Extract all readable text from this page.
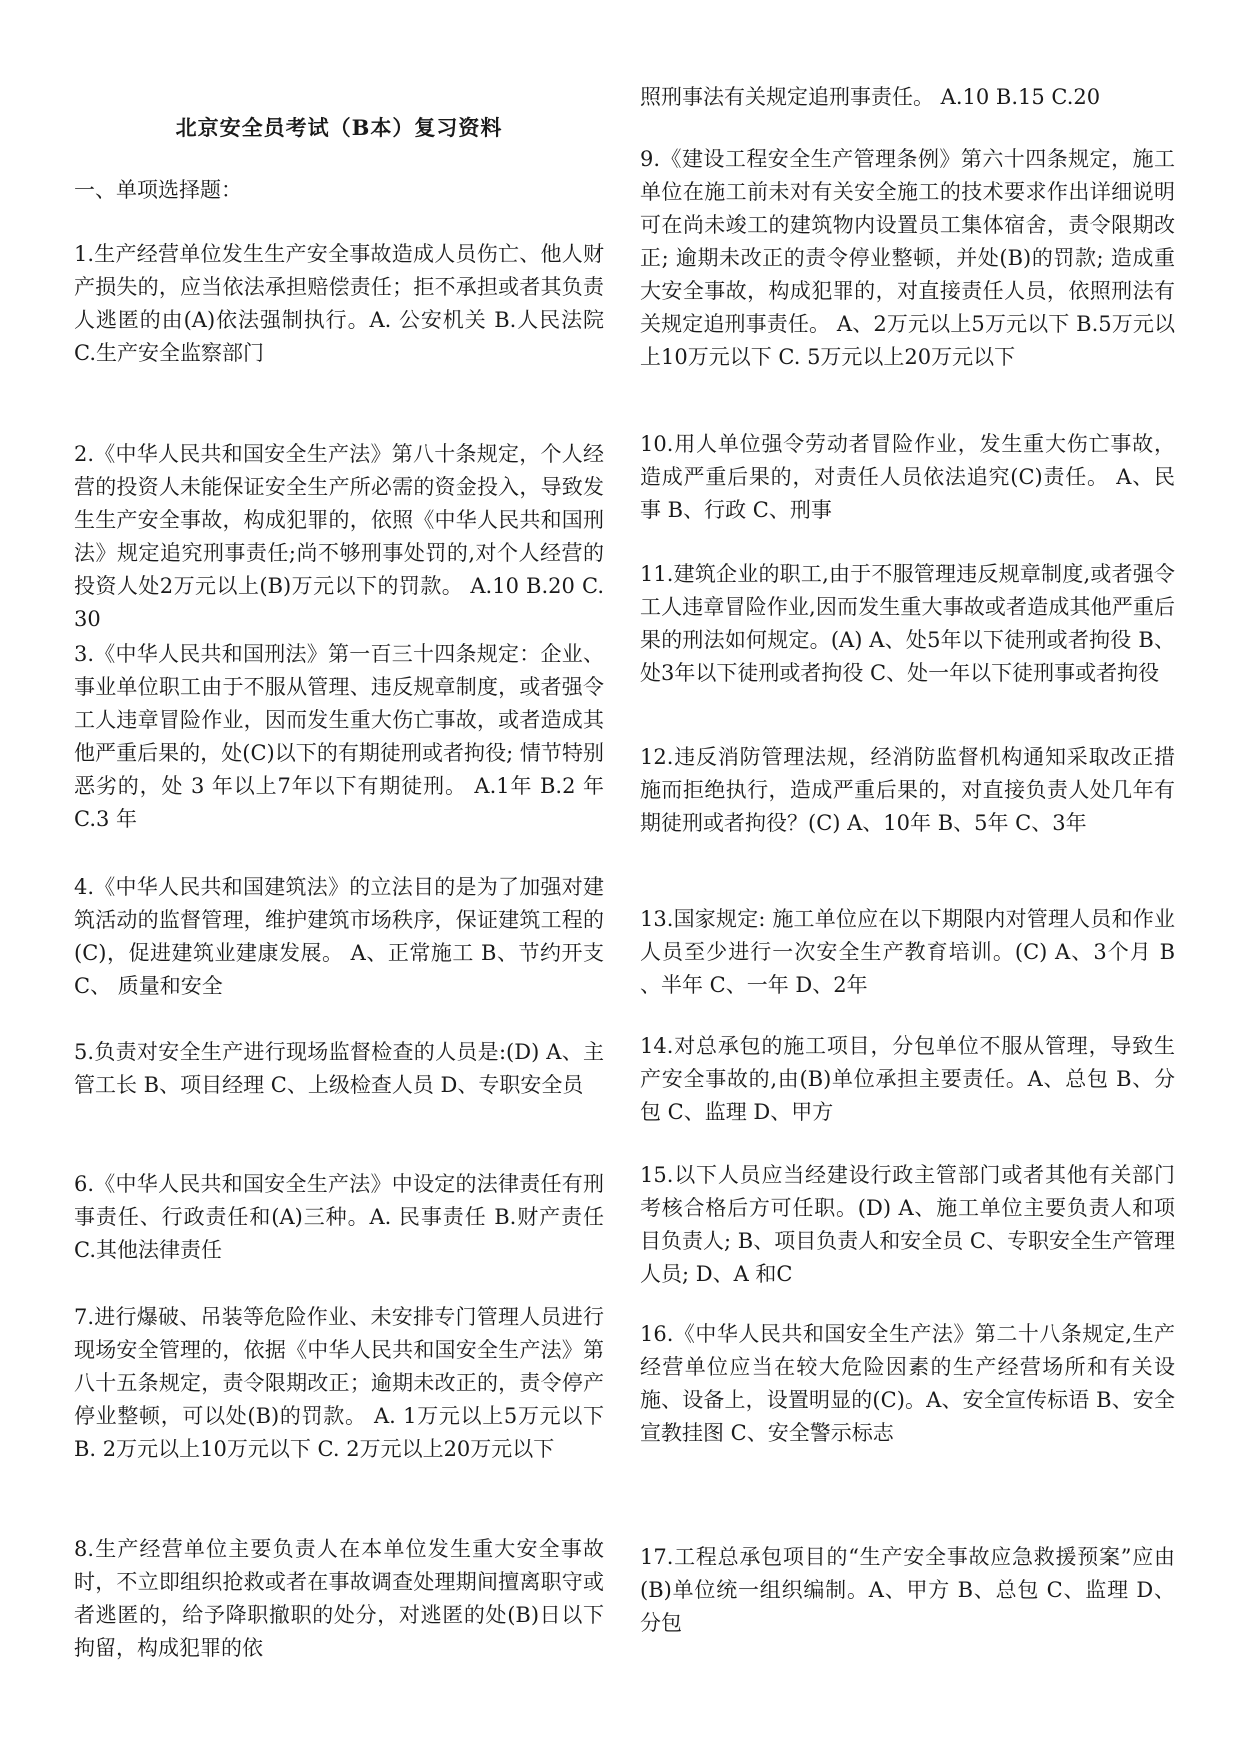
北京安全员考试（B本）复习资料
一、单项选择题：
1.生产经营单位发生生产安全事故造成人员伤亡、他人财产损失的，应当依法承担赔偿责任；拒不承担或者其负责人逃匿的由(A)依法强制执行。A. 公安机关 B.人民法院 C.生产安全监察部门
2.《中华人民共和国安全生产法》第八十条规定，个人经营的投资人未能保证安全生产所必需的资金投入，导致发生生产安全事故，构成犯罪的，依照《中华人民共和国刑法》规定追究刑事责任;尚不够刑事处罚的,对个人经营的投资人处2万元以上(B)万元以下的罚款。 A.10 B.20 C.30
3.《中华人民共和国刑法》第一百三十四条规定：企业、事业单位职工由于不服从管理、违反规章制度，或者强令工人违章冒险作业，因而发生重大伤亡事故，或者造成其他严重后果的，处(C)以下的有期徒刑或者拘役; 情节特别恶劣的，处 3 年以上7年以下有期徒刑。 A.1年 B.2 年 C.3 年
4.《中华人民共和国建筑法》的立法目的是为了加强对建筑活动的监督管理，维护建筑市场秩序，保证建筑工程的(C)，促进建筑业建康发展。 A、正常施工 B、节约开支 C、 质量和安全
5.负责对安全生产进行现场监督检查的人员是:(D) A、主管工长 B、项目经理 C、上级检查人员 D、专职安全员
6.《中华人民共和国安全生产法》中设定的法律责任有刑事责任、行政责任和(A)三种。A. 民事责任 B.财产责任 C.其他法律责任
7.进行爆破、吊装等危险作业、未安排专门管理人员进行现场安全管理的，依据《中华人民共和国安全生产法》第八十五条规定，责令限期改正；逾期未改正的，责令停产停业整顿，可以处(B)的罚款。 A. 1万元以上5万元以下 B. 2万元以上10万元以下 C. 2万元以上20万元以下
8.生产经营单位主要负责人在本单位发生重大安全事故时，不立即组织抢救或者在事故调查处理期间擅离职守或者逃匿的，给予降职撤职的处分，对逃匿的处(B)日以下拘留，构成犯罪的依
照刑事法有关规定追刑事责任。 A.10 B.15 C.20
9.《建设工程安全生产管理条例》第六十四条规定，施工单位在施工前未对有关安全施工的技术要求作出详细说明可在尚未竣工的建筑物内设置员工集体宿舍，责令限期改正; 逾期未改正的责令停业整顿，并处(B)的罚款; 造成重大安全事故，构成犯罪的，对直接责任人员，依照刑法有关规定追刑事责任。 A、2万元以上5万元以下 B.5万元以上10万元以下 C. 5万元以上20万元以下
10.用人单位强令劳动者冒险作业，发生重大伤亡事故，造成严重后果的，对责任人员依法追究(C)责任。 A、民事 B、行政 C、刑事
11.建筑企业的职工,由于不服管理违反规章制度,或者强令工人违章冒险作业,因而发生重大事故或者造成其他严重后果的刑法如何规定。(A) A、处5年以下徒刑或者拘役 B、处3年以下徒刑或者拘役 C、处一年以下徒刑事或者拘役
12.违反消防管理法规，经消防监督机构通知采取改正措施而拒绝执行，造成严重后果的，对直接负责人处几年有期徒刑或者拘役？(C) A、10年 B、5年 C、3年
13.国家规定: 施工单位应在以下期限内对管理人员和作业人员至少进行一次安全生产教育培训。(C) A、3个月 B 、半年 C、一年 D、2年
14.对总承包的施工项目，分包单位不服从管理，导致生产安全事故的,由(B)单位承担主要责任。A、总包 B、分包 C、监理 D、甲方
15.以下人员应当经建设行政主管部门或者其他有关部门考核合格后方可任职。(D) A、施工单位主要负责人和项目负责人; B、项目负责人和安全员 C、专职安全生产管理人员; D、A 和C
16.《中华人民共和国安全生产法》第二十八条规定,生产经营单位应当在较大危险因素的生产经营场所和有关设施、设备上，设置明显的(C)。A、安全宣传标语 B、安全宣教挂图 C、安全警示标志
17.工程总承包项目的“生产安全事故应急救援预案”应由(B)单位统一组织编制。A、甲方 B、总包 C、监理 D、分包
